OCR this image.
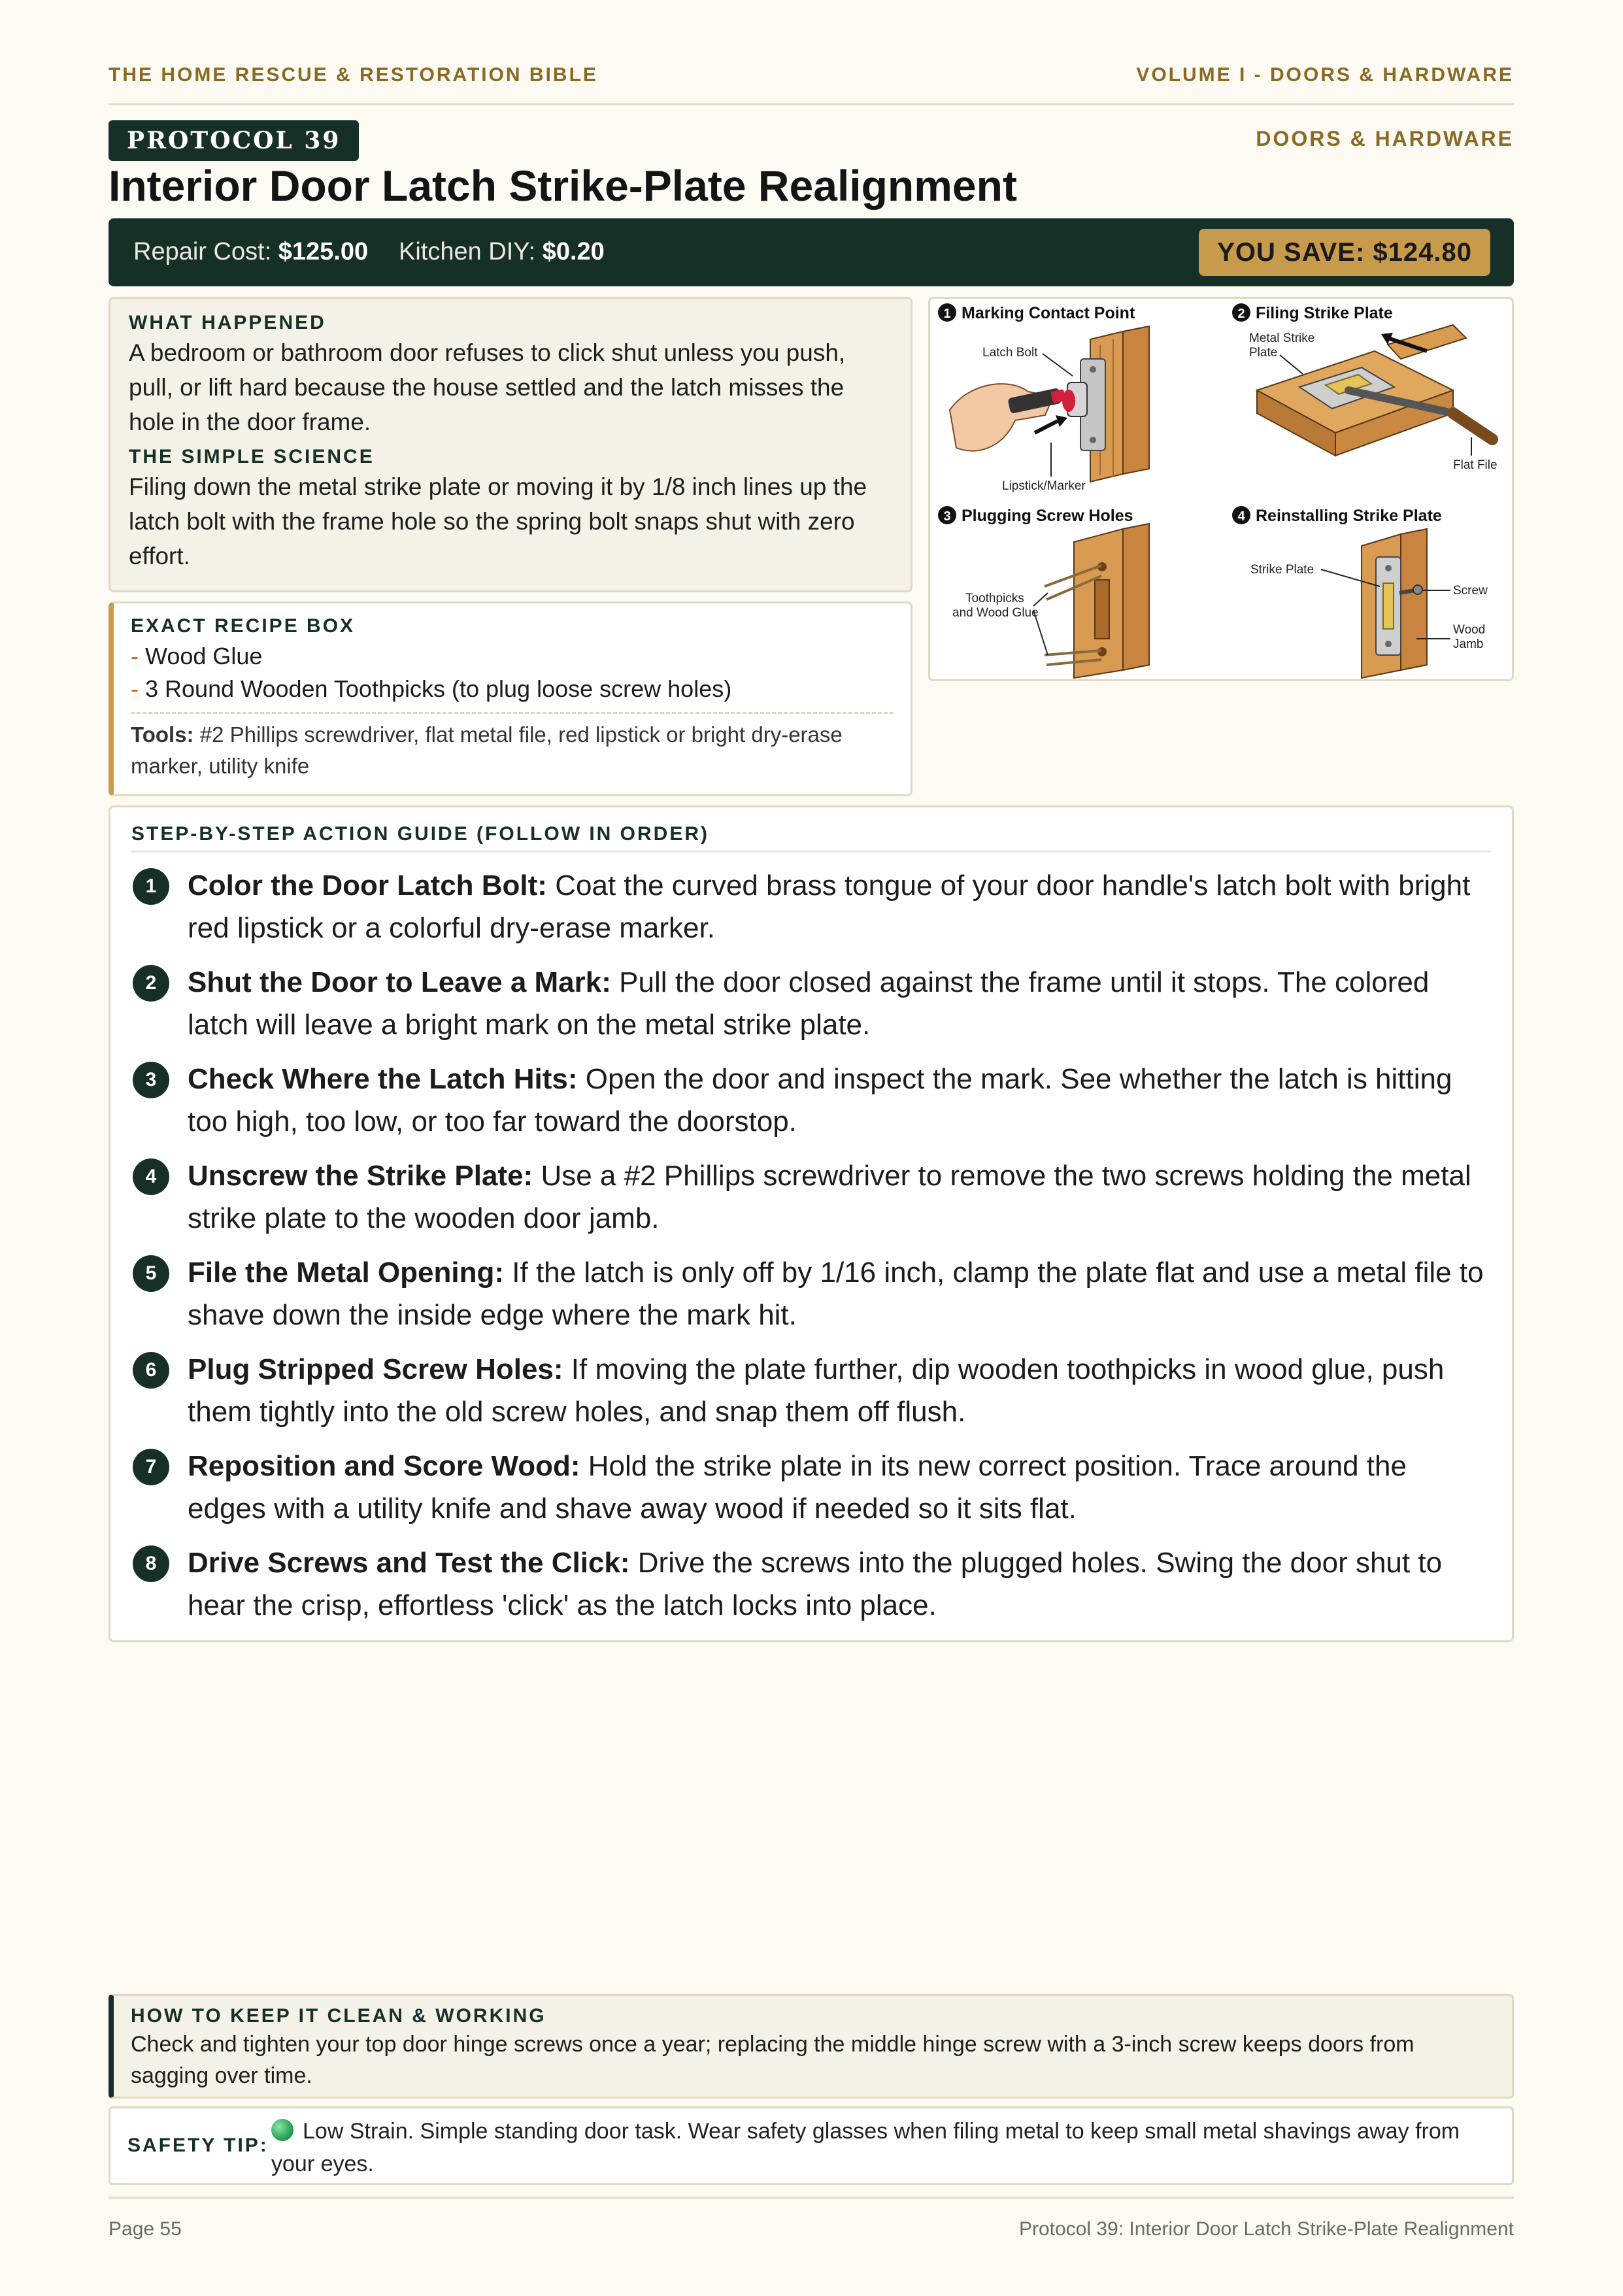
THE HOME RESCUE & RESTORATION BIBLE	VOLUME I - DOORS & HARDWARE
PROTOCOL 39	DOORS & HARDWARE
Interior Door Latch Strike-Plate Realignment
Repair Cost: $125.00 Kitchen DIY: $0.20	YOU SAVE: $124.80
WHAT HAPPENED
A bedroom or bathroom door refuses to click shut unless you push, pull, or lift hard because the house settled and the latch misses the hole in the door frame.
THE SIMPLE SCIENCE
Filing down the metal strike plate or moving it by 1/8 inch lines up the latch bolt with the frame hole so the spring bolt snaps shut with zero effort.
EXACT RECIPE BOX
- Wood Glue
- 3 Round Wooden Toothpicks (to plug loose screw holes)
Tools: #2 Phillips screwdriver, flat metal file, red lipstick or bright dry-erase marker, utility knife
1 Marking Contact Point
Latch Bolt
Lipstick/Marker
2 Filing Strike Plate
Metal Strike
Plate
Flat File
3 Plugging Screw Holes
Toothpicks
and Wood Glue
4 Reinstalling Strike Plate
Strike Plate
Screw
Wood
Jamb
STEP-BY-STEP ACTION GUIDE (FOLLOW IN ORDER)
1	Color the Door Latch Bolt: Coat the curved brass tongue of your door handle's latch bolt with bright red lipstick or a colorful dry-erase marker.
2	Shut the Door to Leave a Mark: Pull the door closed against the frame until it stops. The colored latch will leave a bright mark on the metal strike plate.
3	Check Where the Latch Hits: Open the door and inspect the mark. See whether the latch is hitting too high, too low, or too far toward the doorstop.
4	Unscrew the Strike Plate: Use a #2 Phillips screwdriver to remove the two screws holding the metal strike plate to the wooden door jamb.
5	File the Metal Opening: If the latch is only off by 1/16 inch, clamp the plate flat and use a metal file to shave down the inside edge where the mark hit.
6	Plug Stripped Screw Holes: If moving the plate further, dip wooden toothpicks in wood glue, push them tightly into the old screw holes, and snap them off flush.
7	Reposition and Score Wood: Hold the strike plate in its new correct position. Trace around the edges with a utility knife and shave away wood if needed so it sits flat.
8	Drive Screws and Test the Click: Drive the screws into the plugged holes. Swing the door shut to hear the crisp, effortless 'click' as the latch locks into place.
HOW TO KEEP IT CLEAN & WORKING
Check and tighten your top door hinge screws once a year; replacing the middle hinge screw with a 3-inch screw keeps doors from sagging over time.
SAFETY TIP:
Low Strain. Simple standing door task. Wear safety glasses when filing metal to keep small metal shavings away from your eyes.
Page 55	Protocol 39: Interior Door Latch Strike-Plate Realignment
